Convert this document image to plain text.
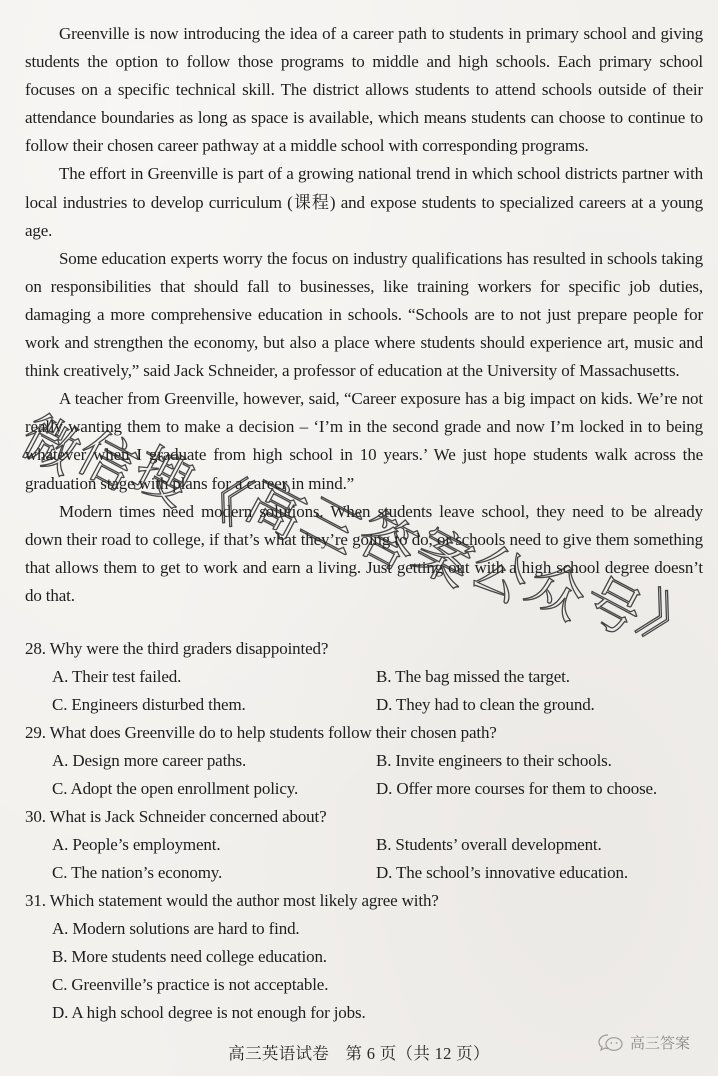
Greenville is now introducing the idea of a career path to students in primary school and giving students the option to follow those programs to middle and high schools. Each primary school focuses on a specific technical skill. The district allows students to attend schools outside of their attendance boundaries as long as space is available, which means students can choose to continue to follow their chosen career pathway at a middle school with corresponding programs.

The effort in Greenville is part of a growing national trend in which school districts partner with local industries to develop curriculum (课程) and expose students to specialized careers at a young age.

Some education experts worry the focus on industry qualifications has resulted in schools taking on responsibilities that should fall to businesses, like training workers for specific job duties, damaging a more comprehensive education in schools. “Schools are to not just prepare people for work and strengthen the economy, but also a place where students should experience art, music and think creatively,” said Jack Schneider, a professor of education at the University of Massachusetts.

A teacher from Greenville, however, said, “Career exposure has a big impact on kids. We’re not really wanting them to make a decision – ‘I’m in the second grade and now I’m locked in to being whatever when I graduate from high school in 10 years.’ We just hope students walk across the graduation stage with plans for a career in mind.”

Modern times need modern solutions. When students leave school, they need to be already down their road to college, if that’s what they’re going to do, or schools need to give them something that allows them to get to work and earn a living. Just getting out with a high school degree doesn’t do that.

28. Why were the third graders disappointed?

A. Their test failed.	B. The bag missed the target.
C. Engineers disturbed them.	D. They had to clean the ground.

29. What does Greenville do to help students follow their chosen path?

A. Design more career paths.	B. Invite engineers to their schools.
C. Adopt the open enrollment policy.	D. Offer more courses for them to choose.

30. What is Jack Schneider concerned about?

A. People’s employment.	B. Students’ overall development.
C. The nation’s economy.	D. The school’s innovative education.

31. Which statement would the author most likely agree with?

A. Modern solutions are hard to find.
B. More students need college education.
C. Greenville’s practice is not acceptable.
D. A high school degree is not enough for jobs.
高三英语试卷 第 6 页（共 12 页）
高三答案
微
信
搜
《
高
三
答
案
公
众
号
》
